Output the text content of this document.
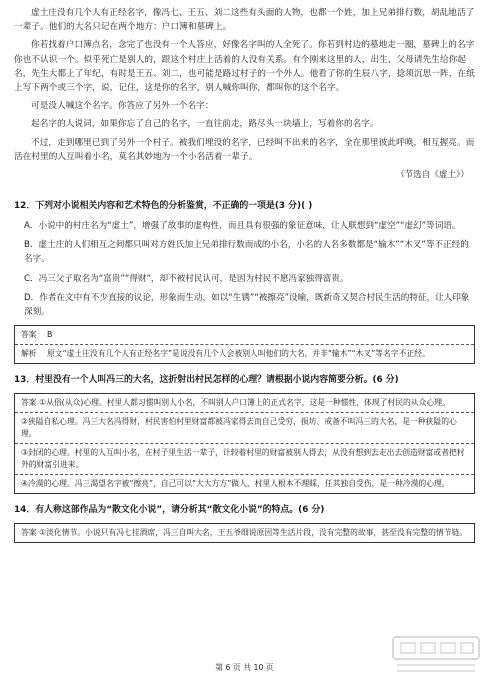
虚土庄没有几个人有正经名字，像冯七、王五、刘二这些有头面的人物，也都一个姓，加上兄弟排行数，胡乱地活了一辈子。他们的大名只记在两个地方：户口簿和墓碑上。

你若找着户口簿点名，念完了也没有一个人答应，好像名字叫的人全死了。你若到村边的墓地走一圈，墓碑上的名字你也不认识一个。似乎死亡是别人的，跟这个村庄上活着的人没有关系。有个刚来这里的人，出生，父母请先生给你起名，先生大都上了年纪，有时是王五、刘二，也可能是路过村子的一个外人。他看了你的生辰八字，捻须沉思一阵，在纸上写下两个或三个字，说，记住，这是你的名字，别人喊你叫你，都叫你的这个名字。

可是没人喊这个名字。你答应了另外一个名字：

起名字的人说词，如果你忘了自己的名字，一直往前走，路尽头一块墙上，写着你的名字。

不过，走到哪里已到了另外一个村子。被我们埋没的名字，已经叫不出来的名字，全在那里彼此呼唤，相互握亮。而活在村里的人互叫着小名，莫名其妙地为一个小名活着一辈子。

（节选自《虚土》）

12．下列对小说相关内容和艺术特色的分析鉴赏，不正确的一项是(3 分)( )

A．小说中的村庄名为“虚土”，增强了故事的虚构性，而且具有很强的象征意味，让人联想到“虚空”“虚幻”等词语。

B．虚土庄的人们相互之间都只叫对方姓氏加上兄弟排行数而成的小名，小名的人名多数都是“输木”“木叉”等不正经的名字。

C．冯三父子取名为“富贵”“得财”，却不被村民认可，是因为村民不愿冯家独得富贵。

D．作者在文中有不少直接的议论，形象而生动，如以“生锈”“被擦亮”设喻，既新奇又契合村民生活的特征，让人印象深刻。

答案	B
解析	原文“虚土庄没有几个人有正经名字”是说没有几个人会被别人叫他们的大名，并非“输木”“木叉”等名字不正经。

13．村里没有一个人叫冯三的大名，这折射出村民怎样的心理？请根据小说内容简要分析。(6 分)

答案 ①从俗(从众)心理。村里人都习惯叫别人小名，不叫别人户口簿上的正式名字，这是一种惯性，体现了村民的从众心理。
②狭隘自私心理。冯三大名冯得财，村民害怕村里财富都被冯家得去而自己受穷，损坊、戒备不叫冯三的大名，是一种狭隘的心理。
③封闭的心理。村里的人互叫小名，在村子里生活一辈子，计较着村里的财富被别人得去，从没有想到去走出去创造财富或者把村外的财富引进来。
④冷漠的心理。冯三渴望名字被“擦亮”，自己可以“大大方方”做人，村里人根本不理睬，任其独自受伤，是一种冷漠的心理。

14．有人称这部作品为“散文化小说”，请分析其“散文化小说”的特点。(6 分)

答案 ①淡化情节。小说只有冯七挂酒席，冯三自叫大名，王五爷细说原因等生活片段，没有完整的故事，甚至没有完整的情节链。
第 6 页 共 10 页
